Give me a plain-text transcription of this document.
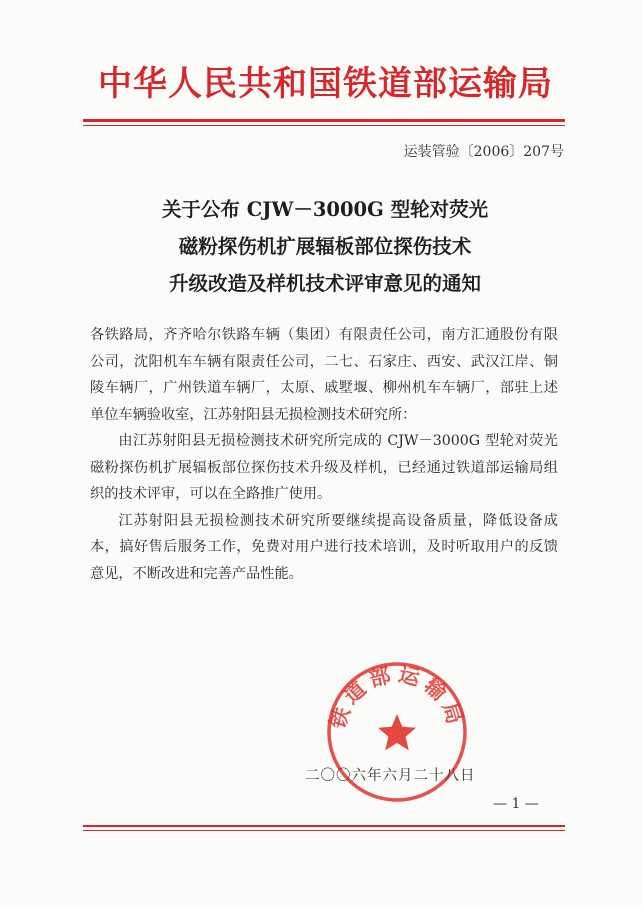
中华人民共和国铁道部运输局
运装管验〔2006〕207号
关于公布 CJW－3000G 型轮对荧光
磁粉探伤机扩展辐板部位探伤技术
升级改造及样机技术评审意见的通知

各铁路局，齐齐哈尔铁路车辆（集团）有限责任公司，南方汇通股份有限公司，沈阳机车车辆有限责任公司，二七、石家庄、西安、武汉江岸、铜陵车辆厂，广州铁道车辆厂，太原、戚墅堰、柳州机车车辆厂，部驻上述单位车辆验收室，江苏射阳县无损检测技术研究所：

由江苏射阳县无损检测技术研究所完成的 CJW－3000G 型轮对荧光磁粉探伤机扩展辐板部位探伤技术升级及样机，已经通过铁道部运输局组织的技术评审，可以在全路推广使用。

江苏射阳县无损检测技术研究所要继续提高设备质量，降低设备成本，搞好售后服务工作，免费对用户进行技术培训，及时听取用户的反馈意见，不断改进和完善产品性能。

铁道部运输局
二〇〇六年六月二十八日
— 1 —
